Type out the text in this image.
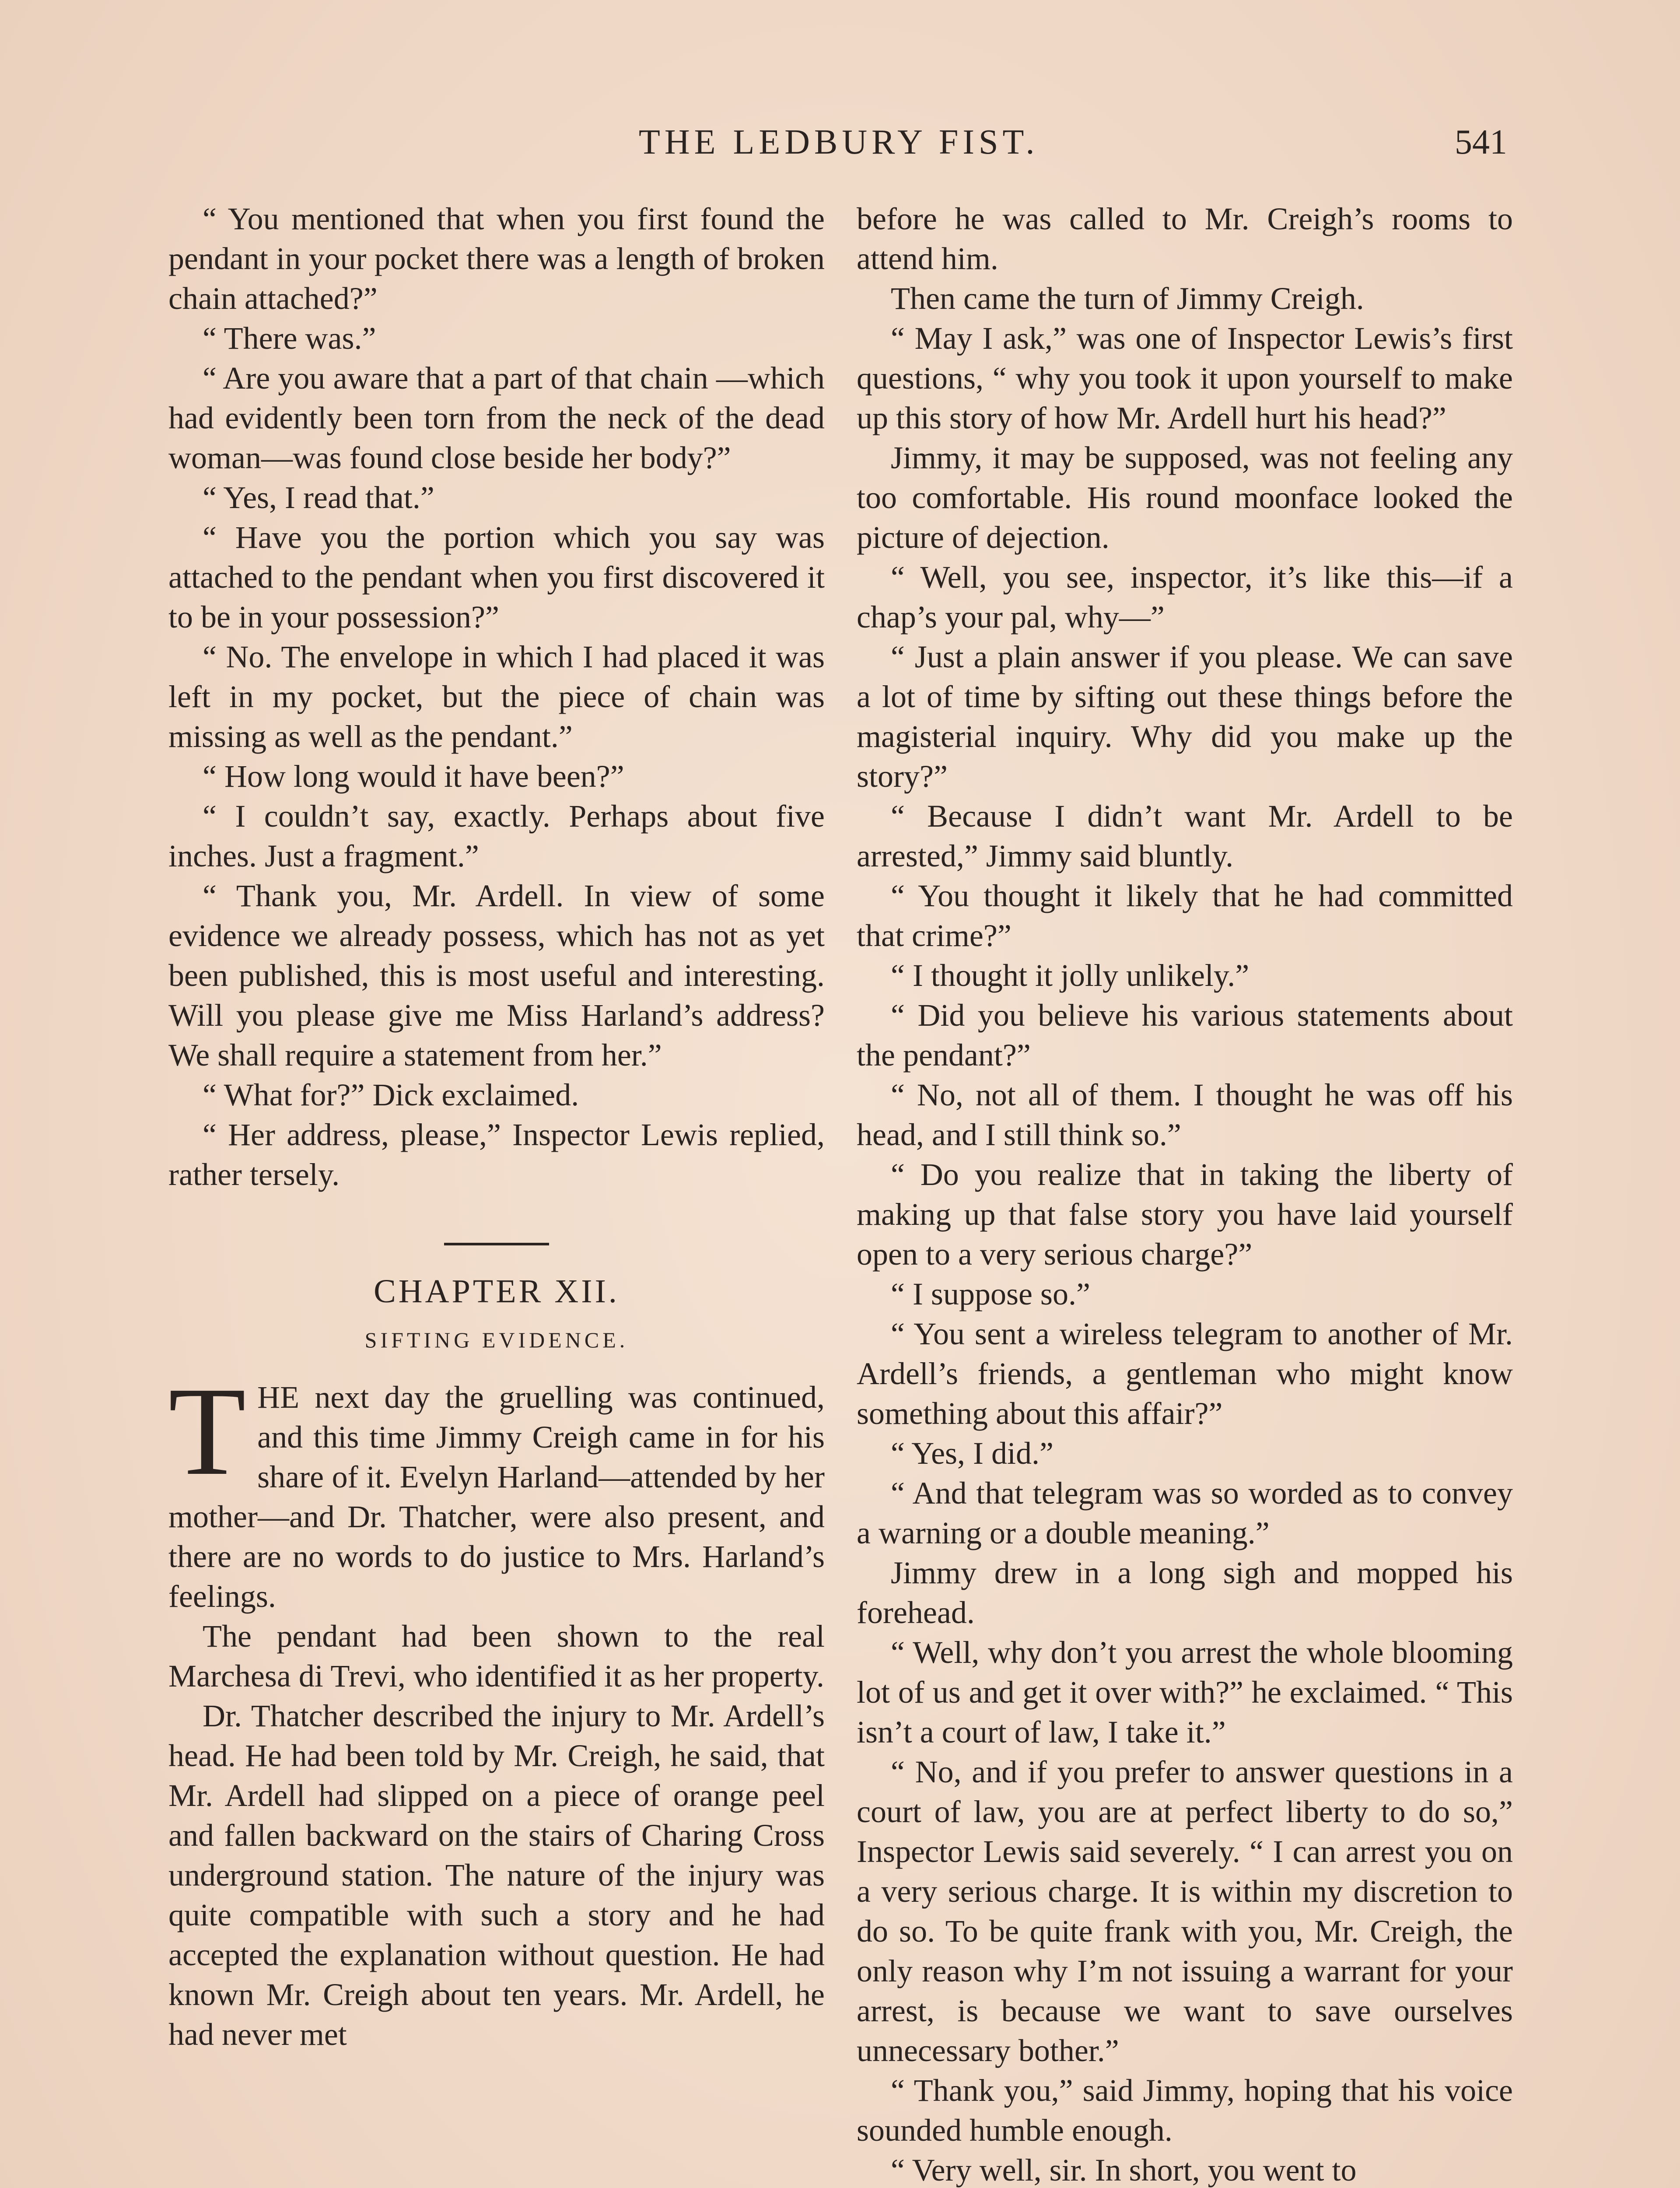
THE LEDBURY FIST.	541

“ You mentioned that when you first found the pendant in your pocket there was a length of broken chain attached?”

“ There was.”

“ Are you aware that a part of that chain —which had evidently been torn from the neck of the dead woman—was found close beside her body?”

“ Yes, I read that.”

“ Have you the portion which you say was attached to the pendant when you first discovered it to be in your possession?”

“ No. The envelope in which I had placed it was left in my pocket, but the piece of chain was missing as well as the pendant.”

“ How long would it have been?”

“ I couldn’t say, exactly. Perhaps about five inches. Just a fragment.”

“ Thank you, Mr. Ardell. In view of some evidence we already possess, which has not as yet been published, this is most useful and interesting. Will you please give me Miss Harland’s address? We shall require a statement from her.”

“ What for?” Dick exclaimed.

“ Her address, please,” Inspector Lewis replied, rather tersely.

CHAPTER XII.
SIFTING EVIDENCE.

THE next day the gruelling was continued, and this time Jimmy Creigh came in for his share of it. Evelyn Harland—attended by her mother—and Dr. Thatcher, were also present, and there are no words to do justice to Mrs. Harland’s feelings.

The pendant had been shown to the real Marchesa di Trevi, who identified it as her property.

Dr. Thatcher described the injury to Mr. Ardell’s head. He had been told by Mr. Creigh, he said, that Mr. Ardell had slipped on a piece of orange peel and fallen backward on the stairs of Charing Cross underground station. The nature of the injury was quite compatible with such a story and he had accepted the explanation without question. He had known Mr. Creigh about ten years. Mr. Ardell, he had never met

before he was called to Mr. Creigh’s rooms to attend him.

Then came the turn of Jimmy Creigh.

“ May I ask,” was one of Inspector Lewis’s first questions, “ why you took it upon yourself to make up this story of how Mr. Ardell hurt his head?”

Jimmy, it may be supposed, was not feeling any too comfortable. His round moonface looked the picture of dejection.

“ Well, you see, inspector, it’s like this—if a chap’s your pal, why—”

“ Just a plain answer if you please. We can save a lot of time by sifting out these things before the magisterial inquiry. Why did you make up the story?”

“ Because I didn’t want Mr. Ardell to be arrested,” Jimmy said bluntly.

“ You thought it likely that he had committed that crime?”

“ I thought it jolly unlikely.”

“ Did you believe his various statements about the pendant?”

“ No, not all of them. I thought he was off his head, and I still think so.”

“ Do you realize that in taking the liberty of making up that false story you have laid yourself open to a very serious charge?”

“ I suppose so.”

“ You sent a wireless telegram to another of Mr. Ardell’s friends, a gentleman who might know something about this affair?”

“ Yes, I did.”

“ And that telegram was so worded as to convey a warning or a double meaning.”

Jimmy drew in a long sigh and mopped his forehead.

“ Well, why don’t you arrest the whole blooming lot of us and get it over with?” he exclaimed. “ This isn’t a court of law, I take it.”

“ No, and if you prefer to answer questions in a court of law, you are at perfect liberty to do so,” Inspector Lewis said severely. “ I can arrest you on a very serious charge. It is within my discretion to do so. To be quite frank with you, Mr. Creigh, the only reason why I’m not issuing a warrant for your arrest, is because we want to save ourselves unnecessary bother.”

“ Thank you,” said Jimmy, hoping that his voice sounded humble enough.

“ Very well, sir. In short, you went to
